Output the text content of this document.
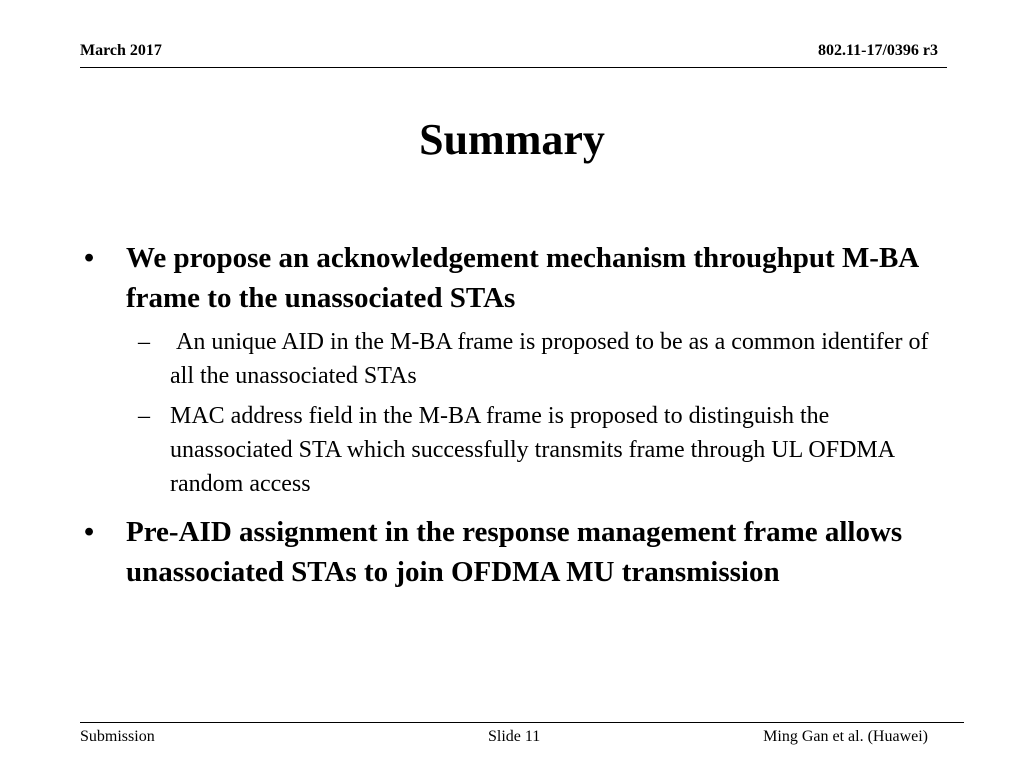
March 2017	802.11-17/0396 r3
Summary
• We propose an acknowledgement mechanism throughput M-BA frame to the unassociated STAs
– An unique AID in the M-BA frame is proposed to be as a common identifer of all the unassociated STAs
– MAC address field in the M-BA frame is proposed to distinguish the unassociated STA which successfully transmits frame through UL OFDMA random access
• Pre-AID assignment in the response management frame allows unassociated STAs to join OFDMA MU transmission
Submission	Slide 11	Ming Gan et al. (Huawei)
